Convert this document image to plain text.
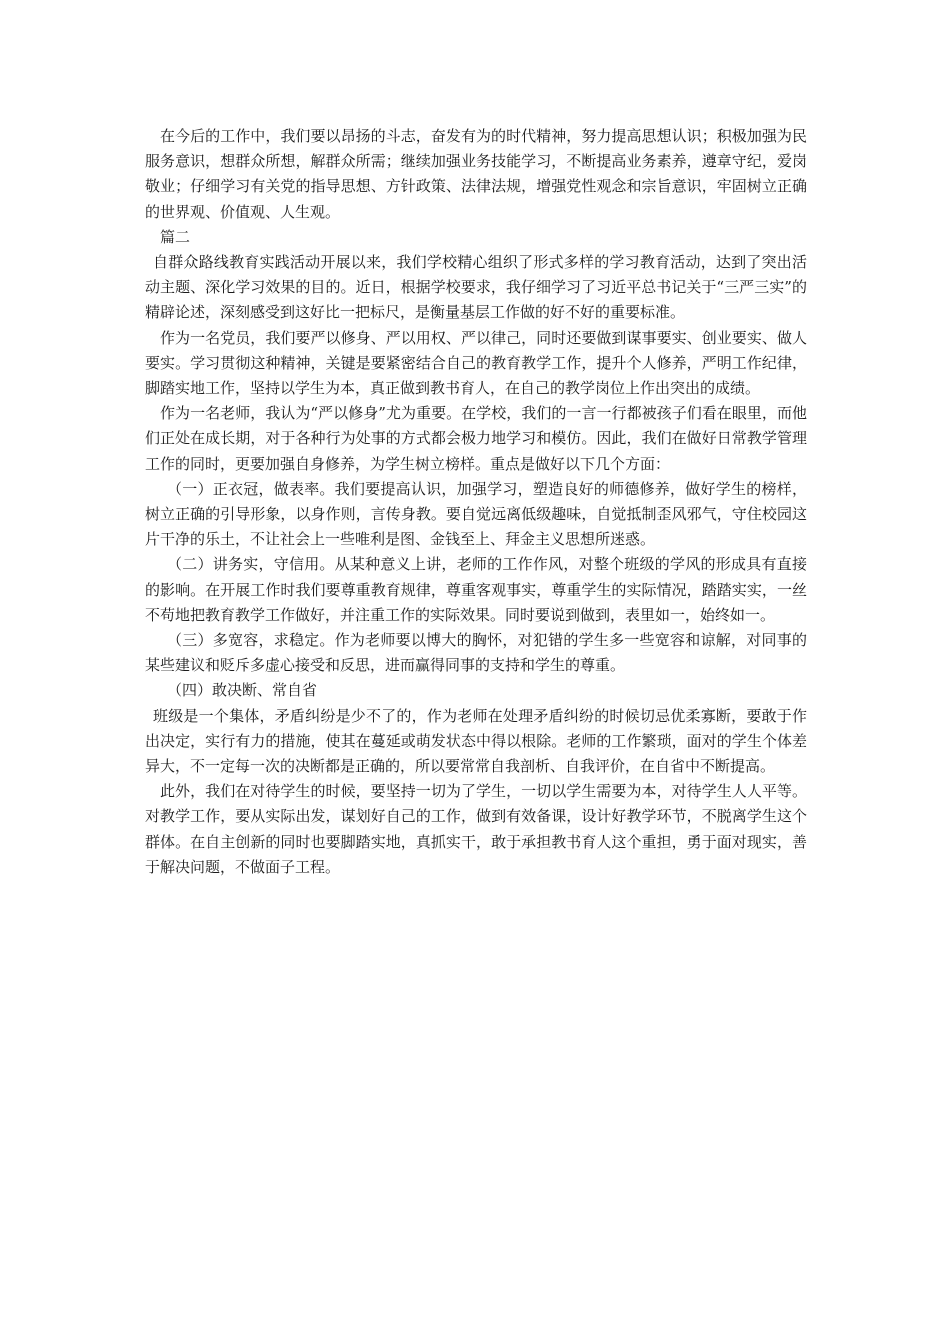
在今后的工作中，我们要以昂扬的斗志，奋发有为的时代精神，努力提高思想认识；积极加强为民服务意识，想群众所想，解群众所需；继续加强业务技能学习，不断提高业务素养，遵章守纪，爱岗敬业；仔细学习有关党的指导思想、方针政策、法律法规，增强党性观念和宗旨意识，牢固树立正确的世界观、价值观、人生观。

篇二

自群众路线教育实践活动开展以来，我们学校精心组织了形式多样的学习教育活动，达到了突出活动主题、深化学习效果的目的。近日，根据学校要求，我仔细学习了习近平总书记关于“三严三实”的精辟论述，深刻感受到这好比一把标尺，是衡量基层工作做的好不好的重要标准。

作为一名党员，我们要严以修身、严以用权、严以律己，同时还要做到谋事要实、创业要实、做人要实。学习贯彻这种精神，关键是要紧密结合自己的教育教学工作，提升个人修养，严明工作纪律，脚踏实地工作，坚持以学生为本，真正做到教书育人，在自己的教学岗位上作出突出的成绩。

作为一名老师，我认为“严以修身”尤为重要。在学校，我们的一言一行都被孩子们看在眼里，而他们正处在成长期，对于各种行为处事的方式都会极力地学习和模仿。因此，我们在做好日常教学管理工作的同时，更要加强自身修养，为学生树立榜样。重点是做好以下几个方面：

（一）正衣冠，做表率。我们要提高认识，加强学习，塑造良好的师德修养，做好学生的榜样，树立正确的引导形象，以身作则，言传身教。要自觉远离低级趣味，自觉抵制歪风邪气，守住校园这片干净的乐土，不让社会上一些唯利是图、金钱至上、拜金主义思想所迷惑。

（二）讲务实，守信用。从某种意义上讲，老师的工作作风，对整个班级的学风的形成具有直接的影响。在开展工作时我们要尊重教育规律，尊重客观事实，尊重学生的实际情况，踏踏实实，一丝不苟地把教育教学工作做好，并注重工作的实际效果。同时要说到做到，表里如一，始终如一。

（三）多宽容，求稳定。作为老师要以博大的胸怀，对犯错的学生多一些宽容和谅解，对同事的某些建议和贬斥多虚心接受和反思，进而赢得同事的支持和学生的尊重。

（四）敢决断、常自省

班级是一个集体，矛盾纠纷是少不了的，作为老师在处理矛盾纠纷的时候切忌优柔寡断，要敢于作出决定，实行有力的措施，使其在蔓延或萌发状态中得以根除。老师的工作繁琐，面对的学生个体差异大，不一定每一次的决断都是正确的，所以要常常自我剖析、自我评价，在自省中不断提高。

此外，我们在对待学生的时候，要坚持一切为了学生，一切以学生需要为本，对待学生人人平等。对教学工作，要从实际出发，谋划好自己的工作，做到有效备课，设计好教学环节，不脱离学生这个群体。在自主创新的同时也要脚踏实地，真抓实干，敢于承担教书育人这个重担，勇于面对现实，善于解决问题，不做面子工程。
